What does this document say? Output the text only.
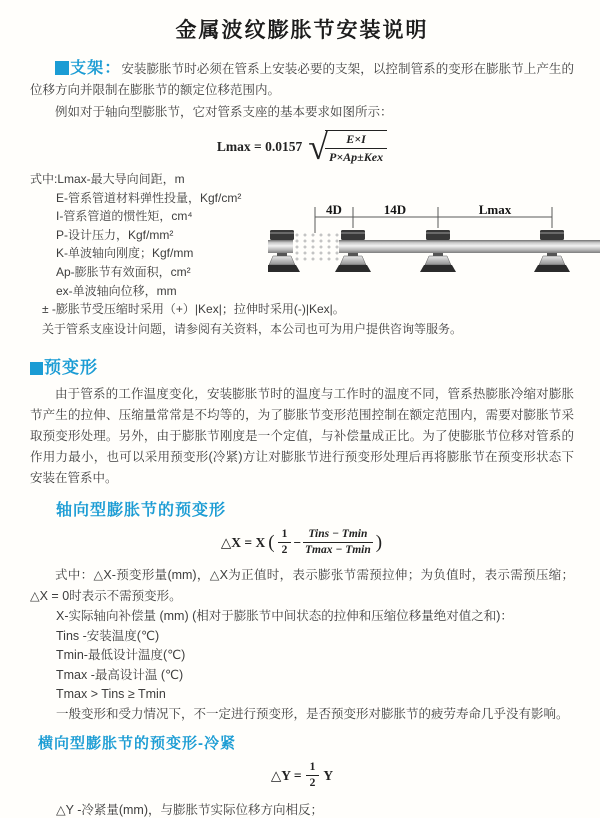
金属波纹膨胀节安装说明
支架：安装膨胀节时必须在管系上安装必要的支架，以控制管系的变形在膨胀节上产生的位移方向并限制在膨胀节的额定位移范围内。
例如对于轴向型膨胀节，它对管系支座的基本要求如图所示：
Lmax = 0.0157 √
$\frac{E\times I}{\text{P×Ap±Kex}}$
式中:Lmax-最大导向间距，m
E-管系管道材料弹性投量，Kgf/cm²
I-管系管道的惯性矩，cm⁴
P-设计压力，Kgf/mm²
K-单波轴向刚度；Kgf/mm
Ap-膨胀节有效面积，cm²
ex-单波轴向位移，mm
4D	14D	Lmax
± -膨胀节受压缩时采用（+）|Kex|；拉伸时采用(-)|Kex|。
关于管系支座设计问题，请参阅有关资料，本公司也可为用户提供咨询等服务。
预变形
由于管系的工作温度变化，安装膨胀节时的温度与工作时的温度不同，管系热膨胀冷缩对膨胀节产生的拉伸、压缩量常常是不均等的，为了膨胀节变形范围控制在额定范围内，需要对膨胀节采取预变形处理。另外，由于膨胀节刚度是一个定值，与补偿量成正比。为了使膨胀节位移对管系的作用力最小，也可以采用预变形(冷紧)方让对膨胀节进行预变形处理后再将膨胀节在预变形状态下安装在管系中。
轴向型膨胀节的预变形
△X = X ( $\frac{1}{2} - \frac{\text{Tins − Tmin}}{Tmax - Tmin}$ )
式中：△X-预变形量(mm)，△X为正值时，表示膨张节需预拉伸；为负值时，表示需预压缩；△X = 0时表示不需预变形。
X-实际轴向补偿量 (mm) (相对于膨胀节中间状态的拉伸和压缩位移量绝对值之和)：
Tins -安装温度(℃)
Tmin-最低设计温度(℃)
Tmax -最高设计温 (℃)
Tmax > Tins ≥ Tmin
一般变形和受力情况下，不一定进行预变形，是否预变形对膨胀节的疲劳寿命几乎没有影响。
横向型膨胀节的预变形-冷紧
△Y = $\frac{1}{2}$ Y
△Y -冷紧量(mm)，与膨胀节实际位移方向相反；
